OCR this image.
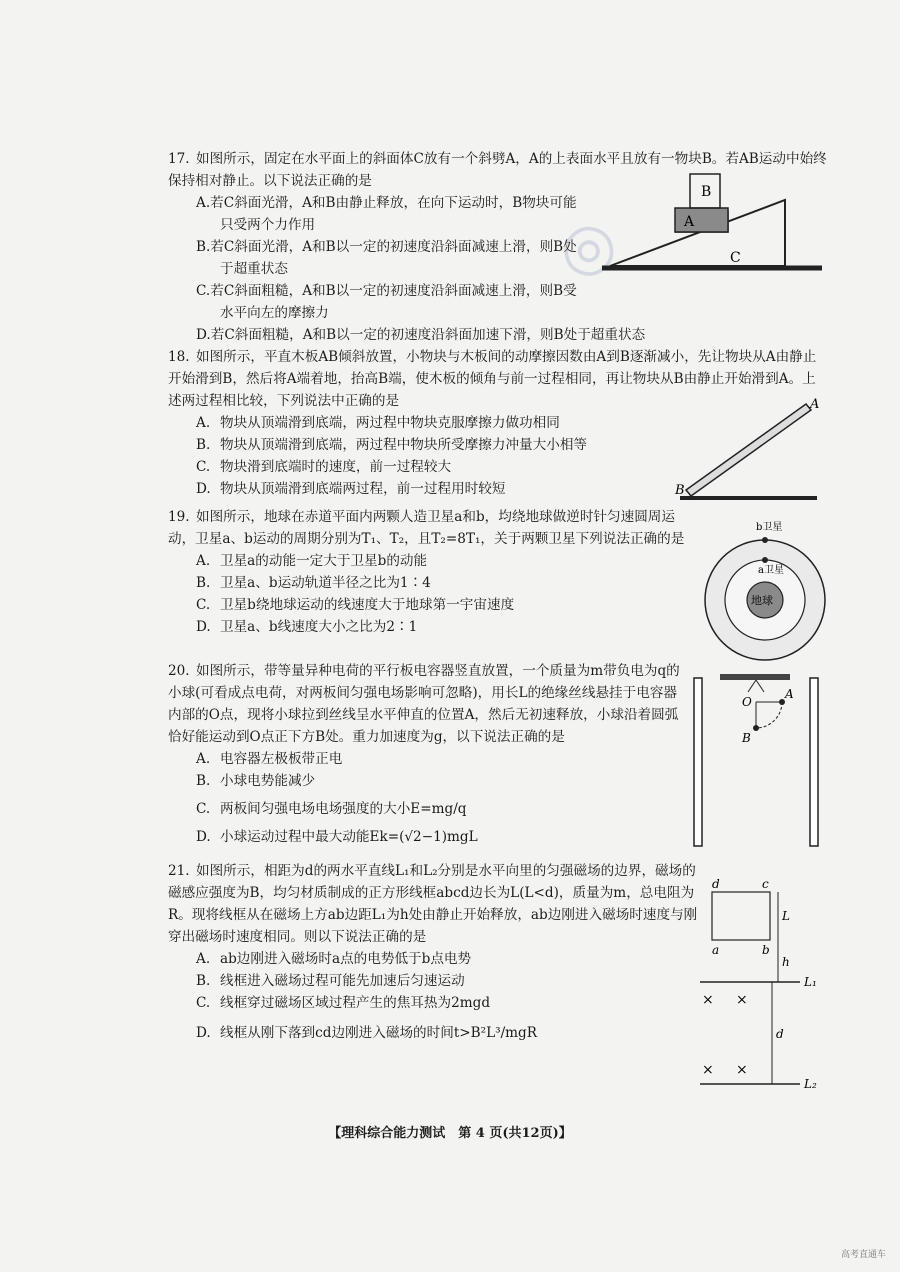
◎

17. 如图所示，固定在水平面上的斜面体C放有一个斜劈A，A的上表面水平且放有一物块B。若AB运动中始终保持相对静止。以下说法正确的是

A.若C斜面光滑，A和B由静止释放，在向下运动时，B物块可能只受两个力作用

B.若C斜面光滑，A和B以一定的初速度沿斜面减速上滑，则B处于超重状态

C.若C斜面粗糙，A和B以一定的初速度沿斜面减速上滑，则B受水平向左的摩擦力

D.若C斜面粗糙，A和B以一定的初速度沿斜面加速下滑，则B处于超重状态

B
A
C

18. 如图所示，平直木板AB倾斜放置，小物块与木板间的动摩擦因数由A到B逐渐减小，先让物块从A由静止开始滑到B，然后将A端着地，抬高B端，使木板的倾角与前一过程相同，再让物块从B由静止开始滑到A。上述两过程相比较，下列说法中正确的是

A. 物块从顶端滑到底端，两过程中物块克服摩擦力做功相同

B. 物块从顶端滑到底端，两过程中物块所受摩擦力冲量大小相等

C. 物块滑到底端时的速度，前一过程较大

D. 物块从顶端滑到底端两过程，前一过程用时较短

A
B

19. 如图所示，地球在赤道平面内两颗人造卫星a和b，均绕地球做逆时针匀速圆周运动，卫星a、b运动的周期分别为T₁、T₂，且T₂=8T₁，关于两颗卫星下列说法正确的是

A. 卫星a的动能一定大于卫星b的动能

B. 卫星a、b运动轨道半径之比为1∶4

C. 卫星b绕地球运动的线速度大于地球第一宇宙速度

D. 卫星a、b线速度大小之比为2∶1

b卫星
a卫星
地球

20. 如图所示，带等量异种电荷的平行板电容器竖直放置，一个质量为m带负电为q的小球(可看成点电荷，对两板间匀强电场影响可忽略)，用长L的绝缘丝线悬挂于电容器内部的O点，现将小球拉到丝线呈水平伸直的位置A，然后无初速释放，小球沿着圆弧恰好能运动到O点正下方B处。重力加速度为g，以下说法正确的是

A. 电容器左极板带正电

B. 小球电势能减少

C. 两板间匀强电场电场强度的大小E=mg/q

D. 小球运动过程中最大动能Ek=(√2−1)mgL

O
A
B

21. 如图所示，相距为d的两水平直线L₁和L₂分别是水平向里的匀强磁场的边界，磁场的磁感应强度为B，均匀材质制成的正方形线框abcd边长为L(L<d)，质量为m，总电阻为R。现将线框从在磁场上方ab边距L₁为h处由静止开始释放，ab边刚进入磁场时速度与刚穿出磁场时速度相同。则以下说法正确的是

A. ab边刚进入磁场时a点的电势低于b点电势

B. 线框进入磁场过程可能先加速后匀速运动

C. 线框穿过磁场区域过程产生的焦耳热为2mgd

D. 线框从刚下落到cd边刚进入磁场的时间t>B²L³/mgR

d	c
a	b
L
h
L₁
L₂
d
× ×
× ×
【理科综合能力测试　第 4 页(共12页)】
高考直通车
